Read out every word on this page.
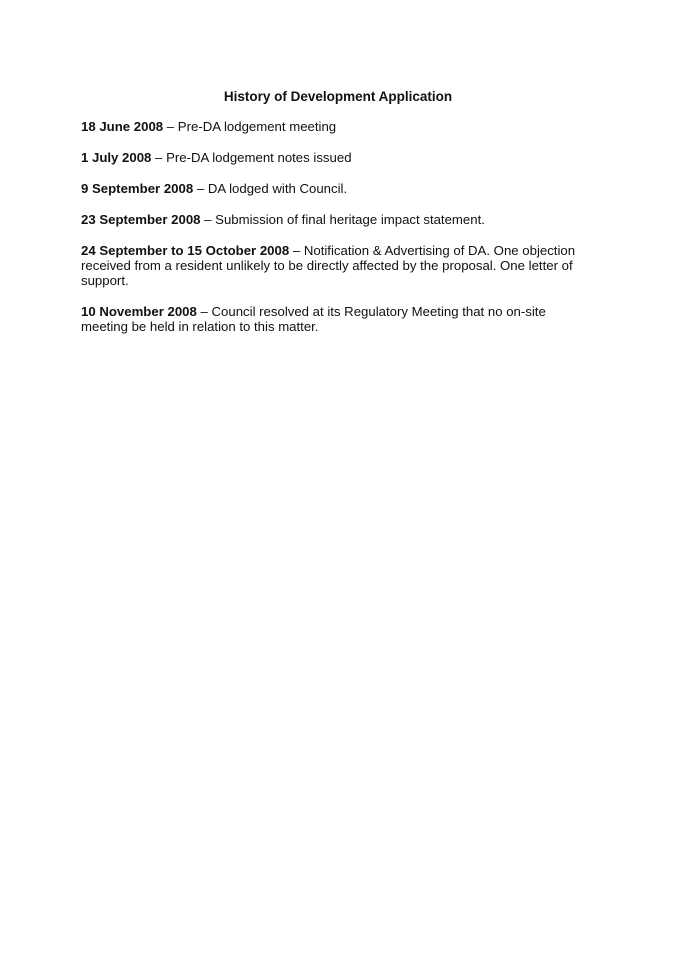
History of Development Application

18 June 2008 – Pre-DA lodgement meeting

1 July 2008 – Pre-DA lodgement notes issued

9 September 2008 – DA lodged with Council.

23 September 2008 – Submission of final heritage impact statement.

24 September to 15 October 2008 – Notification & Advertising of DA. One objection received from a resident unlikely to be directly affected by the proposal. One letter of support.

10 November 2008 – Council resolved at its Regulatory Meeting that no on-site meeting be held in relation to this matter.
